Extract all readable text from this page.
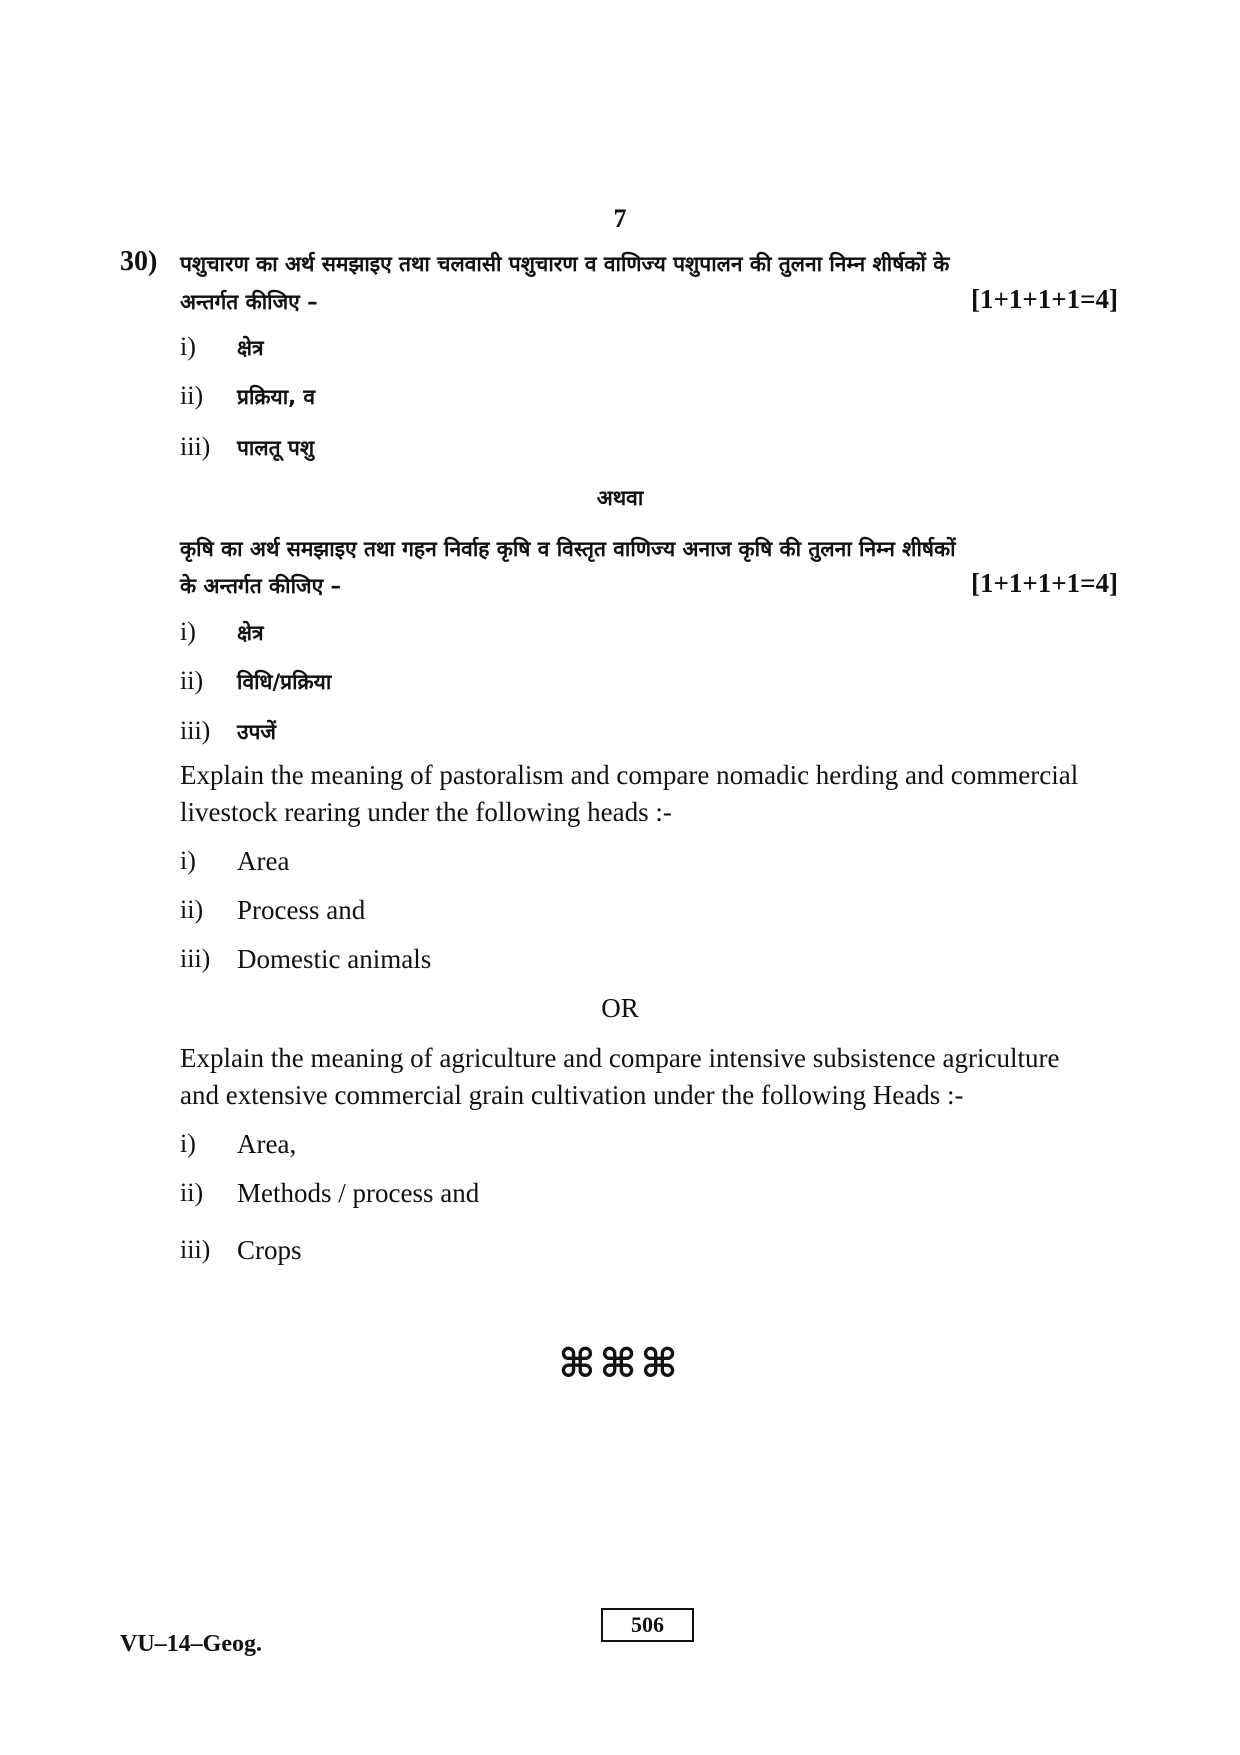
7
30) पशुचारण का अर्थ समझाइए तथा चलवासी पशुचारण व वाणिज्य पशुपालन की तुलना निम्न शीर्षकों के
अन्तर्गत कीजिए –	[1+1+1+1=4]
i) क्षेत्र
ii) प्रक्रिया, व
iii) पालतू पशु
अथवा
कृषि का अर्थ समझाइए तथा गहन निर्वाह कृषि व विस्तृत वाणिज्य अनाज कृषि की तुलना निम्न शीर्षकों
के अन्तर्गत कीजिए –	[1+1+1+1=4]
i) क्षेत्र
ii) विधि/प्रक्रिया
iii) उपजें
Explain the meaning of pastoralism and compare nomadic herding and commercial
livestock rearing under the following heads :-
i) Area
ii) Process and
iii) Domestic animals
OR
Explain the meaning of agriculture and compare intensive subsistence agriculture
and extensive commercial grain cultivation under the following Heads :-
i) Area,
ii) Methods / process and
iii) Crops
⌘⌘⌘
VU–14–Geog.
506
